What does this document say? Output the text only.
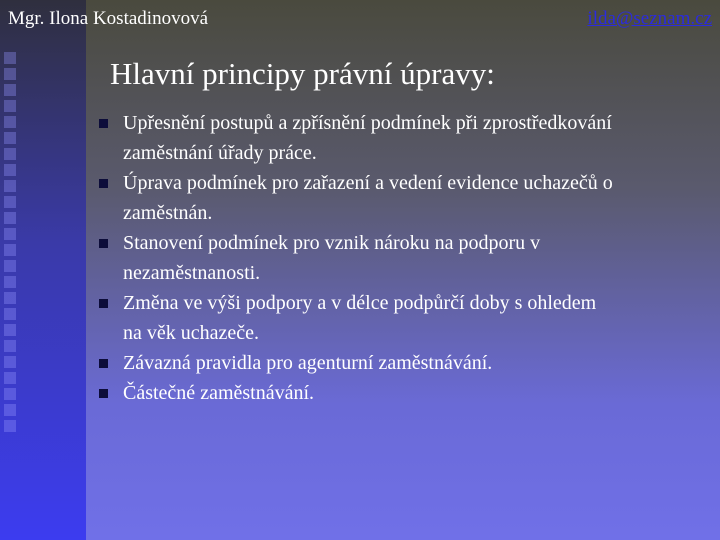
Mgr. Ilona Kostadinovová	ilda@seznam.cz
Hlavní principy právní úpravy:
Upřesnění postupů a zpřísnění podmínek při zprostředkování zaměstnání úřady práce.
Úprava podmínek pro zařazení a vedení evidence uchazečů o zaměstnán.
Stanovení podmínek pro vznik nároku na podporu v nezaměstnanosti.
Změna ve výši podpory a v délce podpůrčí doby s ohledem na věk uchazeče.
Závazná pravidla pro agenturní zaměstnávání.
Částečné zaměstnávání.
